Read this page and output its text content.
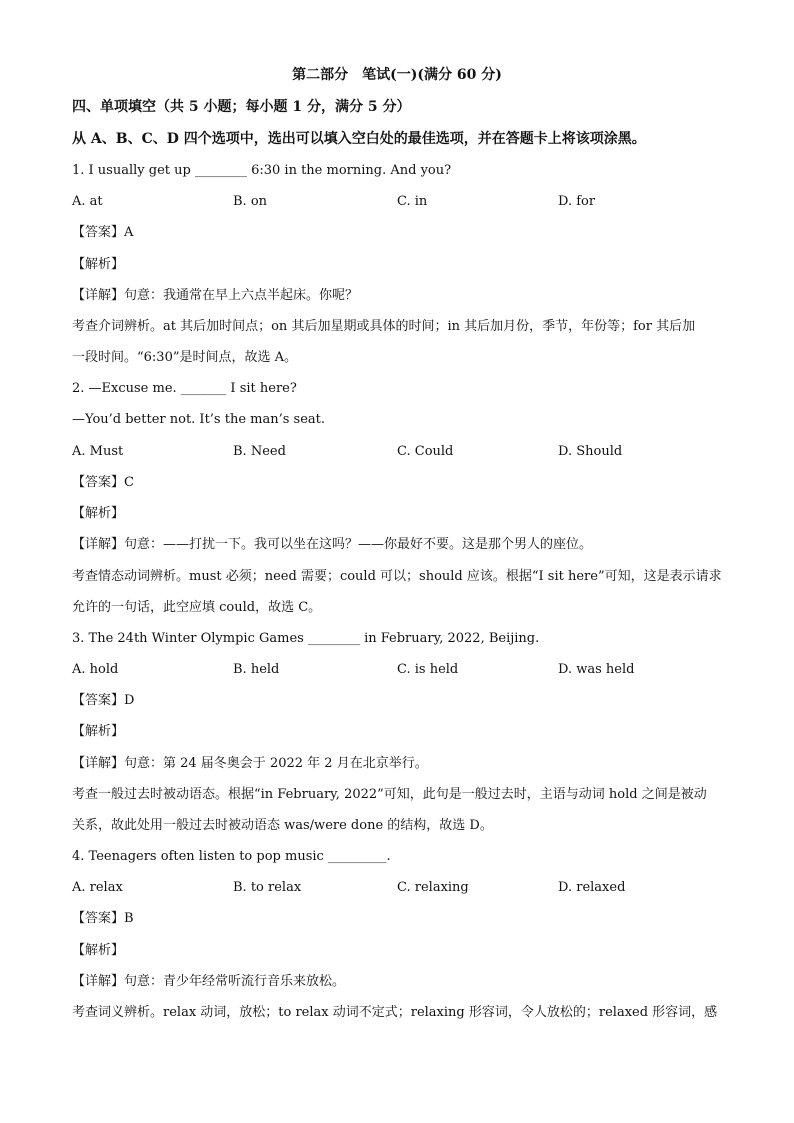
第二部分　笔试(一)(满分 60 分)
四、单项填空（共 5 小题；每小题 1 分，满分 5 分）
从 A、B、C、D 四个选项中，选出可以填入空白处的最佳选项，并在答题卡上将该项涂黑。
1. I usually get up ________ 6:30 in the morning. And you?
A. at	B. on	C. in	D. for
【答案】A
【解析】
【详解】句意：我通常在早上六点半起床。你呢？
考查介词辨析。at 其后加时间点；on 其后加星期或具体的时间；in 其后加月份，季节，年份等；for 其后加
一段时间。“6:30”是时间点，故选 A。
2. —Excuse me. _______ I sit here?
—You’d better not. It’s the man’s seat.
A. Must	B. Need	C. Could	D. Should
【答案】C
【解析】
【详解】句意：——打扰一下。我可以坐在这吗？——你最好不要。这是那个男人的座位。
考查情态动词辨析。must 必须；need 需要；could 可以；should 应该。根据“I sit here”可知，这是表示请求
允许的一句话，此空应填 could，故选 C。
3. The 24th Winter Olympic Games ________ in February, 2022, Beijing.
A. hold	B. held	C. is held	D. was held
【答案】D
【解析】
【详解】句意：第 24 届冬奥会于 2022 年 2 月在北京举行。
考查一般过去时被动语态。根据“in February, 2022”可知，此句是一般过去时，主语与动词 hold 之间是被动
关系，故此处用一般过去时被动语态 was/were done 的结构，故选 D。
4. Teenagers often listen to pop music _________.
A. relax	B. to relax	C. relaxing	D. relaxed
【答案】B
【解析】
【详解】句意：青少年经常听流行音乐来放松。
考查词义辨析。relax 动词，放松；to relax 动词不定式；relaxing 形容词，令人放松的；relaxed 形容词，感
